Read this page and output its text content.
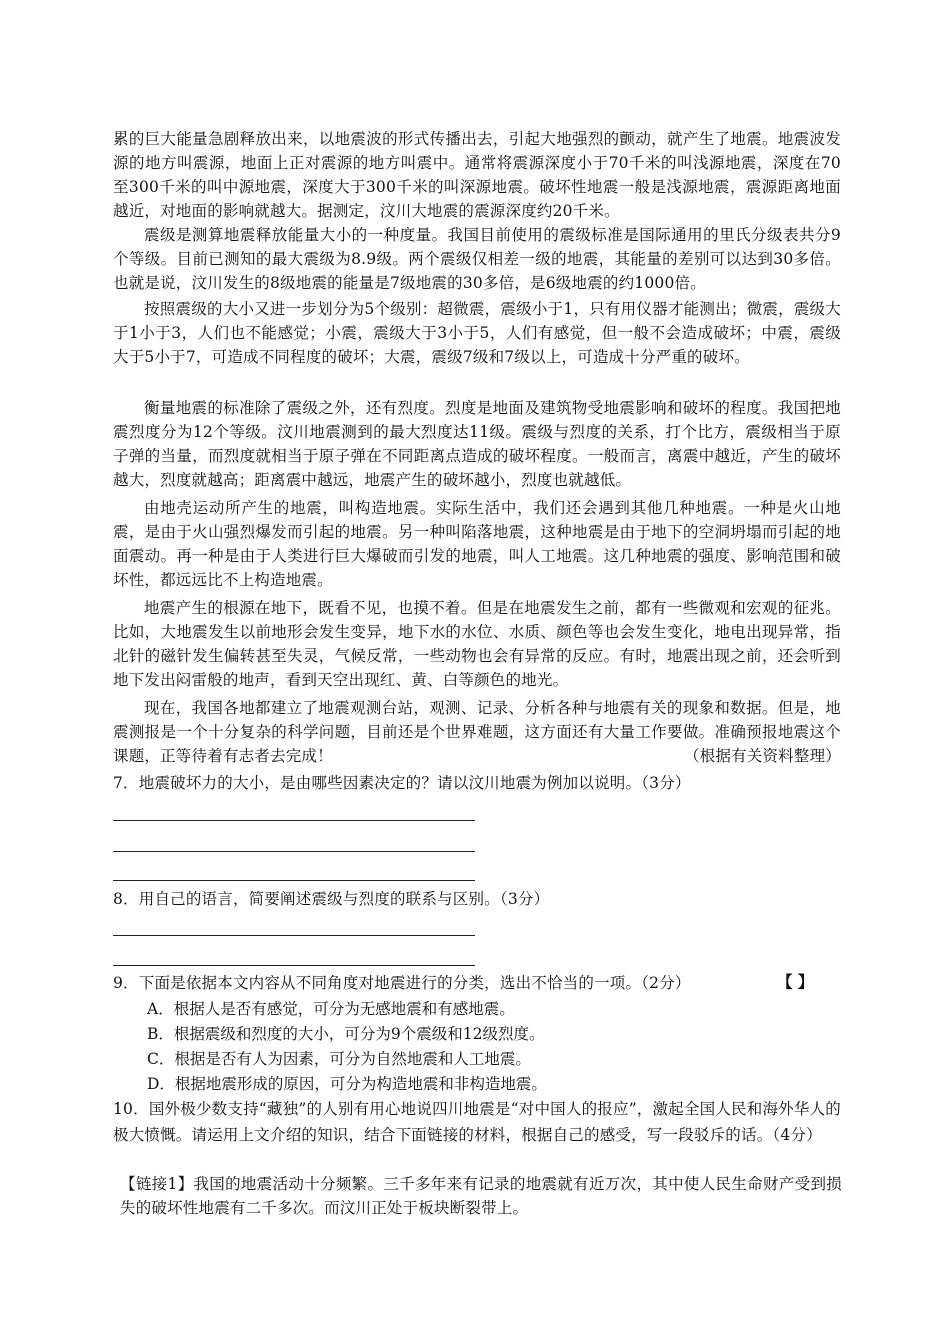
累的巨大能量急剧释放出来，以地震波的形式传播出去，引起大地强烈的颤动，就产生了地震。地震波发源的地方叫震源，地面上正对震源的地方叫震中。通常将震源深度小于70千米的叫浅源地震，深度在70至300千米的叫中源地震，深度大于300千米的叫深源地震。破坏性地震一般是浅源地震，震源距离地面越近，对地面的影响就越大。据测定，汶川大地震的震源深度约20千米。
震级是测算地震释放能量大小的一种度量。我国目前使用的震级标准是国际通用的里氏分级表共分9个等级。目前已测知的最大震级为8.9级。两个震级仅相差一级的地震，其能量的差别可以达到30多倍。也就是说，汶川发生的8级地震的能量是7级地震的30多倍，是6级地震的约1000倍。
按照震级的大小又进一步划分为5个级别：超微震，震级小于1，只有用仪器才能测出；微震，震级大于1小于3，人们也不能感觉；小震，震级大于3小于5，人们有感觉，但一般不会造成破坏；中震，震级大于5小于7，可造成不同程度的破坏；大震，震级7级和7级以上，可造成十分严重的破坏。
衡量地震的标准除了震级之外，还有烈度。烈度是地面及建筑物受地震影响和破坏的程度。我国把地震烈度分为12个等级。汶川地震测到的最大烈度达11级。震级与烈度的关系，打个比方，震级相当于原子弹的当量，而烈度就相当于原子弹在不同距离点造成的破坏程度。一般而言，离震中越近，产生的破坏越大，烈度就越高；距离震中越远，地震产生的破坏越小，烈度也就越低。
由地壳运动所产生的地震，叫构造地震。实际生活中，我们还会遇到其他几种地震。一种是火山地震，是由于火山强烈爆发而引起的地震。另一种叫陷落地震，这种地震是由于地下的空洞坍塌而引起的地面震动。再一种是由于人类进行巨大爆破而引发的地震，叫人工地震。这几种地震的强度、影响范围和破坏性，都远远比不上构造地震。
地震产生的根源在地下，既看不见，也摸不着。但是在地震发生之前，都有一些微观和宏观的征兆。比如，大地震发生以前地形会发生变异，地下水的水位、水质、颜色等也会发生变化，地电出现异常，指北针的磁针发生偏转甚至失灵，气候反常，一些动物也会有异常的反应。有时，地震出现之前，还会听到地下发出闷雷般的地声，看到天空出现红、黄、白等颜色的地光。
现在，我国各地都建立了地震观测台站，观测、记录、分析各种与地震有关的现象和数据。但是，地震测报是一个十分复杂的科学问题，目前还是个世界难题，这方面还有大量工作要做。准确预报地震这个课题，正等待着有志者去完成！	（根据有关资料整理）
7．地震破坏力的大小，是由哪些因素决定的？请以汶川地震为例加以说明。（3分）
8．用自己的语言，简要阐述震级与烈度的联系与区别。（3分）
9．下面是依据本文内容从不同角度对地震进行的分类，选出不恰当的一项。（2分）	【 】
A．根据人是否有感觉，可分为无感地震和有感地震。
B．根据震级和烈度的大小，可分为9个震级和12级烈度。
C．根据是否有人为因素，可分为自然地震和人工地震。
D．根据地震形成的原因，可分为构造地震和非构造地震。
10．国外极少数支持“藏独”的人别有用心地说四川地震是“对中国人的报应”，激起全国人民和海外华人的极大愤慨。请运用上文介绍的知识，结合下面链接的材料，根据自己的感受，写一段驳斥的话。（4分）
【链接1】我国的地震活动十分频繁。三千多年来有记录的地震就有近万次，其中使人民生命财产受到损失的破坏性地震有二千多次。而汶川正处于板块断裂带上。
